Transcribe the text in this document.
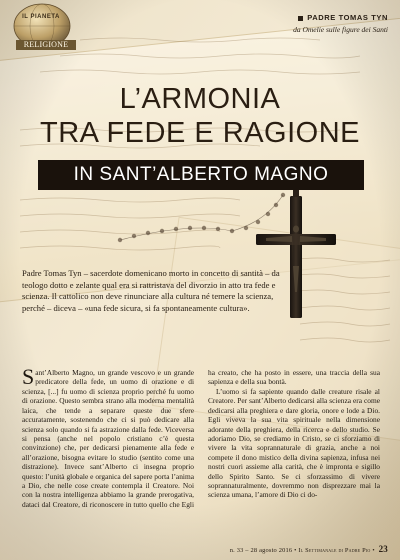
IL PIANETA
RELIGIONE
PADRE TOMAS TYN
da Omelie sulle figure dei Santi
L’ARMONIA
TRA FEDE E RAGIONE
IN SANT’ALBERTO MAGNO

Padre Tomas Tyn – sacerdote domenicano morto in concetto di santità – da teologo dotto e zelante qual era si rattristava del divorzio in atto tra fede e scienza. Il cattolico non deve rinunciare alla cultura né temere la scienza, perché – diceva – «una fede sicura, si fa spontaneamente cultura».

Sant’Alberto Magno, un grande vescovo e un grande predicatore della fede, un uomo di orazione e di scienza, [...] fu uomo di scienza proprio perché fu uomo di orazione. Questo sembra strano alla moderna mentalità laica, che tende a separare queste due sfere accuratamente, sostenendo che ci si può dedicare alla scienza solo quando si fa astrazione dalla fede. Viceversa si pensa (anche nel popolo cristiano c’è questa convinzione) che, per dedicarsi pienamente alla fede e all’orazione, bisogna evitare lo studio (sentito come una distrazione). Invece sant’Alberto ci insegna proprio questo: l’unità globale e organica del sapere porta l’anima a Dio, che nelle cose create contempla il Creatore. Noi con la nostra intelligenza abbiamo la grande prerogativa, dataci dal Creatore, di riconoscere in tutto quello che Egli ha creato, che ha posto in essere, una traccia della sua sapienza e della sua bontà.

L’uomo si fa sapiente quando dalle creature risale al Creatore. Per sant’Alberto dedicarsi alla scienza era come dedicarsi alla preghiera e dare gloria, onore e lode a Dio. Egli viveva la sua vita spirituale nella dimensione adorante della preghiera, della ricerca e dello studio. Se adoriamo Dio, se crediamo in Cristo, se ci sforziamo di vivere la vita soprannaturale di grazia, anche a noi compete il dono mistico della divina sapienza, infusa nei nostri cuori assieme alla carità, che è impronta e sigillo dello Spirito Santo. Se ci sforzassimo di vivere soprannaturalmente, dovremmo non disprezzare mai la scienza umana, l’amore di Dio ci do-

n. 33 – 28 agosto 2016 • Il Settimanale di Padre Pio • 23
